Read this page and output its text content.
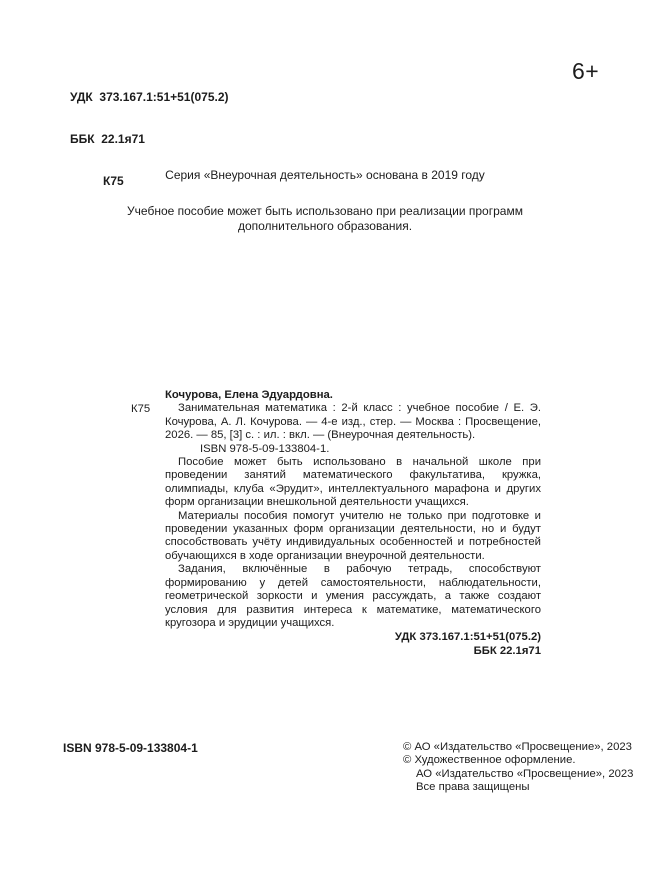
УДК  373.167.1:51+51(075.2)

ББК  22.1я71

К75

6+
Серия «Внеурочная деятельность» основана в 2019 году
Учебное пособие может быть использовано при реализации программ дополнительного образования.
К75

Кочурова, Елена Эдуардовна.

Занимательная математика : 2-й класс : учебное пособие / Е. Э. Кочурова, А. Л. Кочурова. — 4-е изд., стер. — Москва : Просвещение, 2026. — 85, [3] с. : ил. : вкл. — (Внеурочная деятельность).

ISBN 978-5-09-133804-1.

Пособие может быть использовано в начальной школе при проведении занятий математического факультатива, кружка, олимпиады, клуба «Эрудит», интеллектуального марафона и других форм организации внешкольной деятельности учащихся.

Материалы пособия помогут учителю не только при подготовке и проведении указанных форм организации деятельности, но и будут способствовать учёту индивидуальных особенностей и потребностей обучающихся в ходе организации внеурочной деятельности.

Задания, включённые в рабочую тетрадь, способствуют формированию у детей самостоятельности, наблюдательности, геометрической зоркости и умения рассуждать, а также создают условия для развития интереса к математике, математического кругозора и эрудиции учащихся.

УДК 373.167.1:51+51(075.2)
ББК 22.1я71
ISBN 978-5-09-133804-1	© АО «Издательство «Просвещение», 2023
© Художественное оформление.
АО «Издательство «Просвещение», 2023
Все права защищены
